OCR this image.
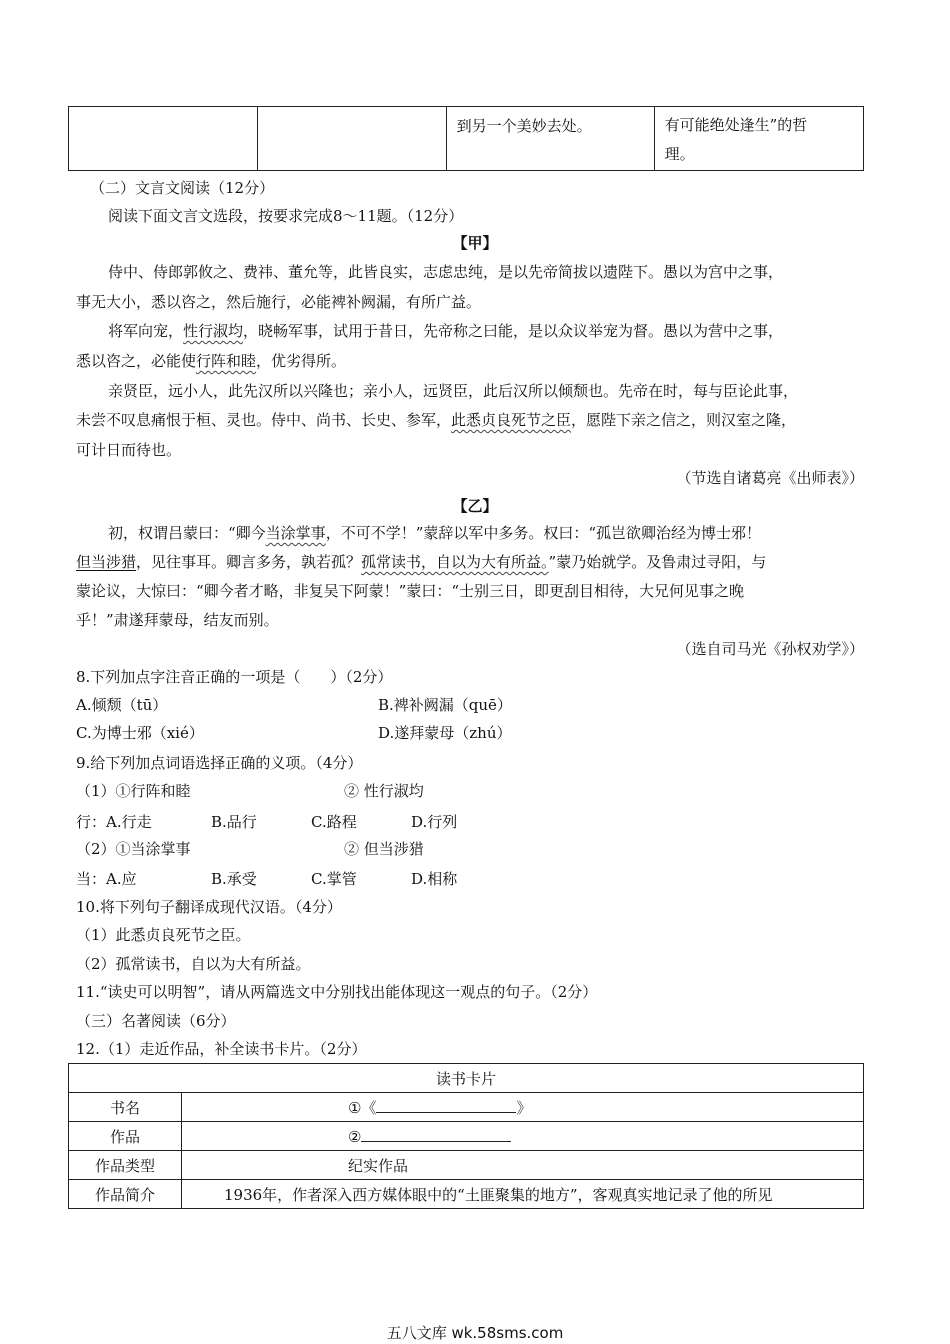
		到另一个美妙去处。	有可能绝处逢生”的哲
理。
（二）文言文阅读（12分）
阅读下面文言文选段，按要求完成8～11题。（12分）
【甲】
侍中、侍郎郭攸之、费祎、董允等，此皆良实，志虑忠纯，是以先帝简拔以遗陛下。愚以为宫中之事，
事无大小，悉以咨之，然后施行，必能裨补阙漏，有所广益。
将军向宠，性行淑均，晓畅军事，试用于昔日，先帝称之曰能，是以众议举宠为督。愚以为营中之事，
悉以咨之，必能使行阵和睦，优劣得所。
亲贤臣，远小人，此先汉所以兴隆也；亲小人，远贤臣，此后汉所以倾颓也。先帝在时，每与臣论此事，
未尝不叹息痛恨于桓、灵也。侍中、尚书、长史、参军，此悉贞良死节之臣，愿陛下亲之信之，则汉室之隆，
可计日而待也。
（节选自诸葛亮《出师表》）
【乙】
初，权谓吕蒙曰：“卿今当涂掌事，不可不学！”蒙辞以军中多务。权曰：“孤岂欲卿治经为博士邪！
但当涉猎，见往事耳。卿言多务，孰若孤？孤常读书，自以为大有所益。”蒙乃始就学。及鲁肃过寻阳，与
蒙论议，大惊曰：“卿今者才略，非复吴下阿蒙！”蒙曰：“士别三日，即更刮目相待，大兄何见事之晚
乎！”肃遂拜蒙母，结友而别。
（选自司马光《孙权劝学》）
8.下列加点字注音正确的一项是（　　）（2分）
A.倾颓（tū）	B.裨补阙漏（quē）
C.为博士邪（xié）	D.遂拜蒙母（zhú）
9.给下列加点词语选择正确的义项。（4分）
（1）①行阵和睦	② 性行淑均
行：A.行走	B.品行	C.路程	D.行列
（2）①当涂掌事	② 但当涉猎
当：A.应	B.承受	C.掌管	D.相称
10.将下列句子翻译成现代汉语。（4分）
（1）此悉贞良死节之臣。
（2）孤常读书，自以为大有所益。
11.“读史可以明智”，请从两篇选文中分别找出能体现这一观点的句子。（2分）
（三）名著阅读（6分）
12.（1）走近作品，补全读书卡片。（2分）
读书卡片	
书名	①《 》
作品	②
作品类型	纪实作品
作品简介	1936年，作者深入西方媒体眼中的“土匪聚集的地方”，客观真实地记录了他的所见
五八文库 wk.58sms.com
